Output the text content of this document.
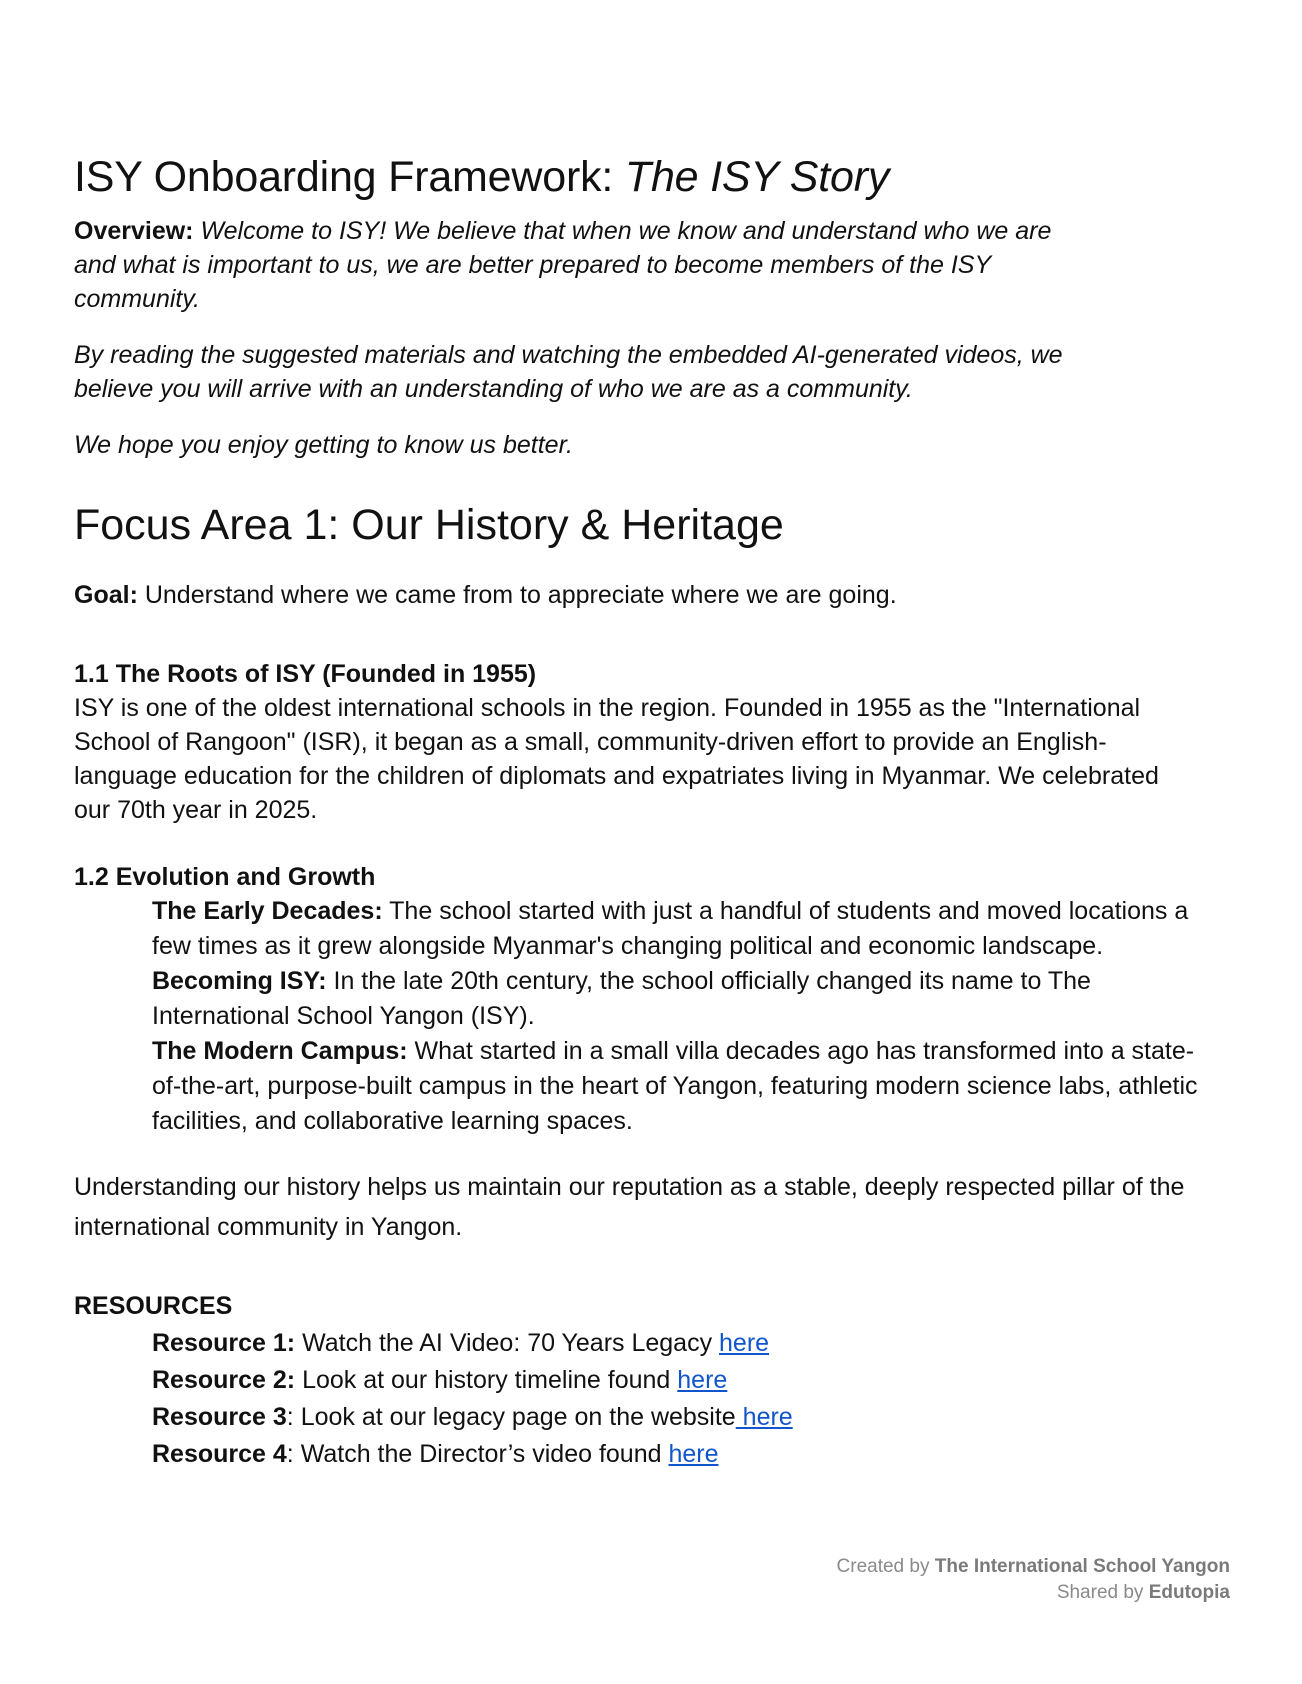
ISY Onboarding Framework: The ISY Story

Overview: Welcome to ISY! We believe that when we know and understand who we are and what is important to us, we are better prepared to become members of the ISY community.

By reading the suggested materials and watching the embedded AI-generated videos, we believe you will arrive with an understanding of who we are as a community.

We hope you enjoy getting to know us better.

Focus Area 1: Our History & Heritage

Goal: Understand where we came from to appreciate where we are going.

1.1 The Roots of ISY (Founded in 1955)

ISY is one of the oldest international schools in the region. Founded in 1955 as the "International School of Rangoon" (ISR), it began as a small, community-driven effort to provide an English-language education for the children of diplomats and expatriates living in Myanmar. We celebrated our 70th year in 2025.

1.2 Evolution and Growth

The Early Decades: The school started with just a handful of students and moved locations a few times as it grew alongside Myanmar's changing political and economic landscape.

Becoming ISY: In the late 20th century, the school officially changed its name to The International School Yangon (ISY).

The Modern Campus: What started in a small villa decades ago has transformed into a state-of-the-art, purpose-built campus in the heart of Yangon, featuring modern science labs, athletic facilities, and collaborative learning spaces.

Understanding our history helps us maintain our reputation as a stable, deeply respected pillar of the international community in Yangon.

RESOURCES

Resource 1: Watch the AI Video: 70 Years Legacy here

Resource 2: Look at our history timeline found here

Resource 3: Look at our legacy page on the website here

Resource 4: Watch the Director’s video found here

Created by The International School Yangon
Shared by Edutopia
